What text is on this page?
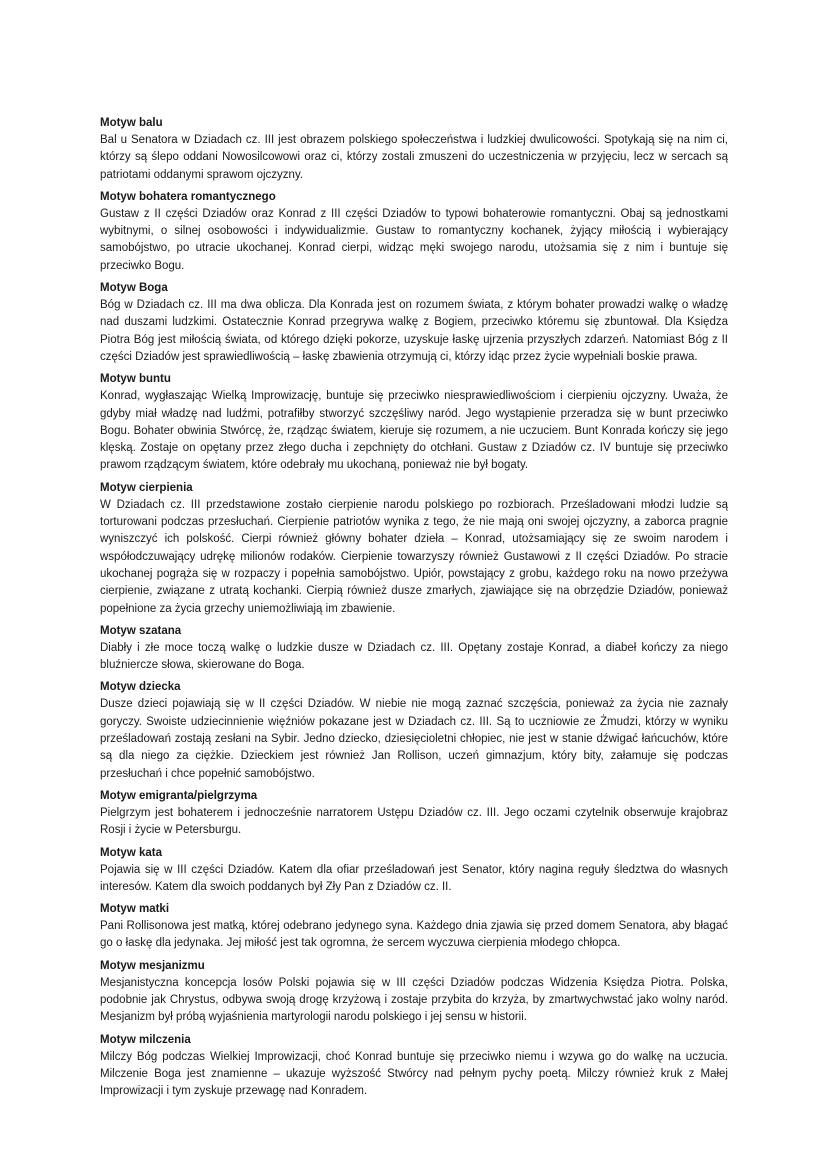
Motyw balu

Bal u Senatora w Dziadach cz. III jest obrazem polskiego społeczeństwa i ludzkiej dwulicowości. Spotykają się na nim ci, którzy są ślepo oddani Nowosilcowowi oraz ci, którzy zostali zmuszeni do uczestniczenia w przyjęciu, lecz w sercach są patriotami oddanymi sprawom ojczyzny.

Motyw bohatera romantycznego

Gustaw z II części Dziadów oraz Konrad z III części Dziadów to typowi bohaterowie romantyczni. Obaj są jednostkami wybitnymi, o silnej osobowości i indywidualizmie. Gustaw to romantyczny kochanek, żyjący miłością i wybierający samobójstwo, po utracie ukochanej. Konrad cierpi, widząc męki swojego narodu, utożsamia się z nim i buntuje się przeciwko Bogu.

Motyw Boga

Bóg w Dziadach cz. III ma dwa oblicza. Dla Konrada jest on rozumem świata, z którym bohater prowadzi walkę o władzę nad duszami ludzkimi. Ostatecznie Konrad przegrywa walkę z Bogiem, przeciwko któremu się zbuntował. Dla Księdza Piotra Bóg jest miłością świata, od którego dzięki pokorze, uzyskuje łaskę ujrzenia przyszłych zdarzeń. Natomiast Bóg z II części Dziadów jest sprawiedliwością – łaskę zbawienia otrzymują ci, którzy idąc przez życie wypełniali boskie prawa.

Motyw buntu

Konrad, wygłaszając Wielką Improwizację, buntuje się przeciwko niesprawiedliwościom i cierpieniu ojczyzny. Uważa, że gdyby miał władzę nad ludźmi, potrafiłby stworzyć szczęśliwy naród. Jego wystąpienie przeradza się w bunt przeciwko Bogu. Bohater obwinia Stwórcę, że, rządząc światem, kieruje się rozumem, a nie uczuciem. Bunt Konrada kończy się jego klęską. Zostaje on opętany przez złego ducha i zepchnięty do otchłani. Gustaw z Dziadów cz. IV buntuje się przeciwko prawom rządzącym światem, które odebrały mu ukochaną, ponieważ nie był bogaty.

Motyw cierpienia

W Dziadach cz. III przedstawione zostało cierpienie narodu polskiego po rozbiorach. Prześladowani młodzi ludzie są torturowani podczas przesłuchań. Cierpienie patriotów wynika z tego, że nie mają oni swojej ojczyzny, a zaborca pragnie wyniszczyć ich polskość. Cierpi również główny bohater dzieła – Konrad, utożsamiający się ze swoim narodem i współodczuwający udrękę milionów rodaków. Cierpienie towarzyszy również Gustawowi z II części Dziadów. Po stracie ukochanej pogrąża się w rozpaczy i popełnia samobójstwo. Upiór, powstający z grobu, każdego roku na nowo przeżywa cierpienie, związane z utratą kochanki. Cierpią również dusze zmarłych, zjawiające się na obrzędzie Dziadów, ponieważ popełnione za życia grzechy uniemożliwiają im zbawienie.

Motyw szatana

Diabły i złe moce toczą walkę o ludzkie dusze w Dziadach cz. III. Opętany zostaje Konrad, a diabeł kończy za niego bluźniercze słowa, skierowane do Boga.

Motyw dziecka

Dusze dzieci pojawiają się w II części Dziadów. W niebie nie mogą zaznać szczęścia, ponieważ za życia nie zaznały goryczy. Swoiste udziecinnienie więźniów pokazane jest w Dziadach cz. III. Są to uczniowie ze Żmudzi, którzy w wyniku prześladowań zostają zesłani na Sybir. Jedno dziecko, dziesięcioletni chłopiec, nie jest w stanie dźwigać łańcuchów, które są dla niego za ciężkie. Dzieckiem jest również Jan Rollison, uczeń gimnazjum, który bity, załamuje się podczas przesłuchań i chce popełnić samobójstwo.

Motyw emigranta/pielgrzyma

Pielgrzym jest bohaterem i jednocześnie narratorem Ustępu Dziadów cz. III. Jego oczami czytelnik obserwuje krajobraz Rosji i życie w Petersburgu.

Motyw kata

Pojawia się w III części Dziadów. Katem dla ofiar prześladowań jest Senator, który nagina reguły śledztwa do własnych interesów. Katem dla swoich poddanych był Zły Pan z Dziadów cz. II.

Motyw matki

Pani Rollisonowa jest matką, której odebrano jedynego syna. Każdego dnia zjawia się przed domem Senatora, aby błagać go o łaskę dla jedynaka. Jej miłość jest tak ogromna, że sercem wyczuwa cierpienia młodego chłopca.

Motyw mesjanizmu

Mesjanistyczna koncepcja losów Polski pojawia się w III części Dziadów podczas Widzenia Księdza Piotra. Polska, podobnie jak Chrystus, odbywa swoją drogę krzyżową i zostaje przybita do krzyża, by zmartwychwstać jako wolny naród. Mesjanizm był próbą wyjaśnienia martyrologii narodu polskiego i jej sensu w historii.

Motyw milczenia

Milczy Bóg podczas Wielkiej Improwizacji, choć Konrad buntuje się przeciwko niemu i wzywa go do walkę na uczucia. Milczenie Boga jest znamienne – ukazuje wyższość Stwórcy nad pełnym pychy poetą. Milczy również kruk z Małej Improwizacji i tym zyskuje przewagę nad Konradem.
